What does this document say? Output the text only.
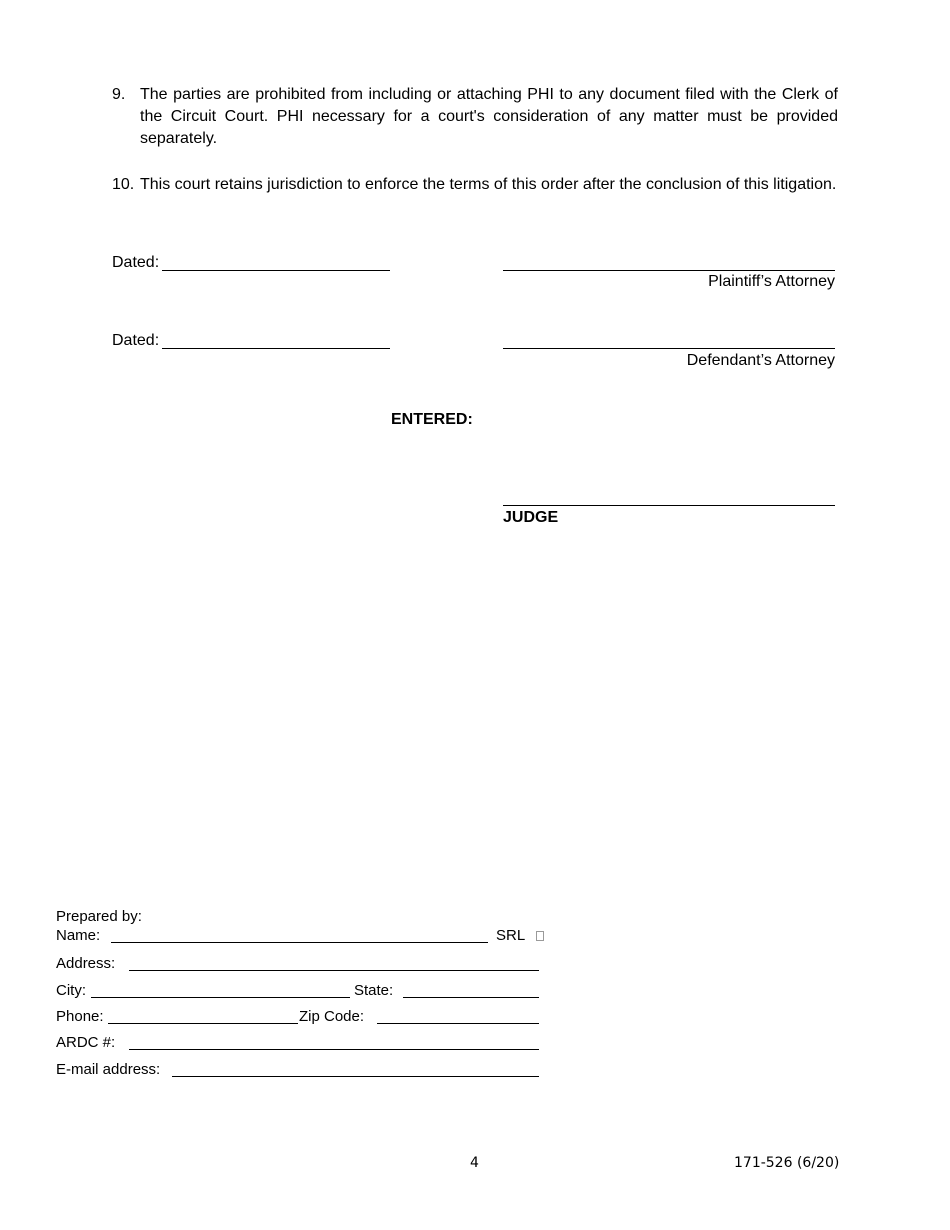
9. The parties are prohibited from including or attaching PHI to any document filed with the Clerk of the Circuit Court. PHI necessary for a court's consideration of any matter must be provided separately.
10. This court retains jurisdiction to enforce the terms of this order after the conclusion of this litigation.
Dated:
Plaintiff’s Attorney
Dated:
Defendant’s Attorney
ENTERED:
JUDGE
Prepared by:
Name:	SRL
Address:
City:	State:
Phone:	Zip Code:
ARDC #:
E-mail address:
4	171-526 (6/20)
